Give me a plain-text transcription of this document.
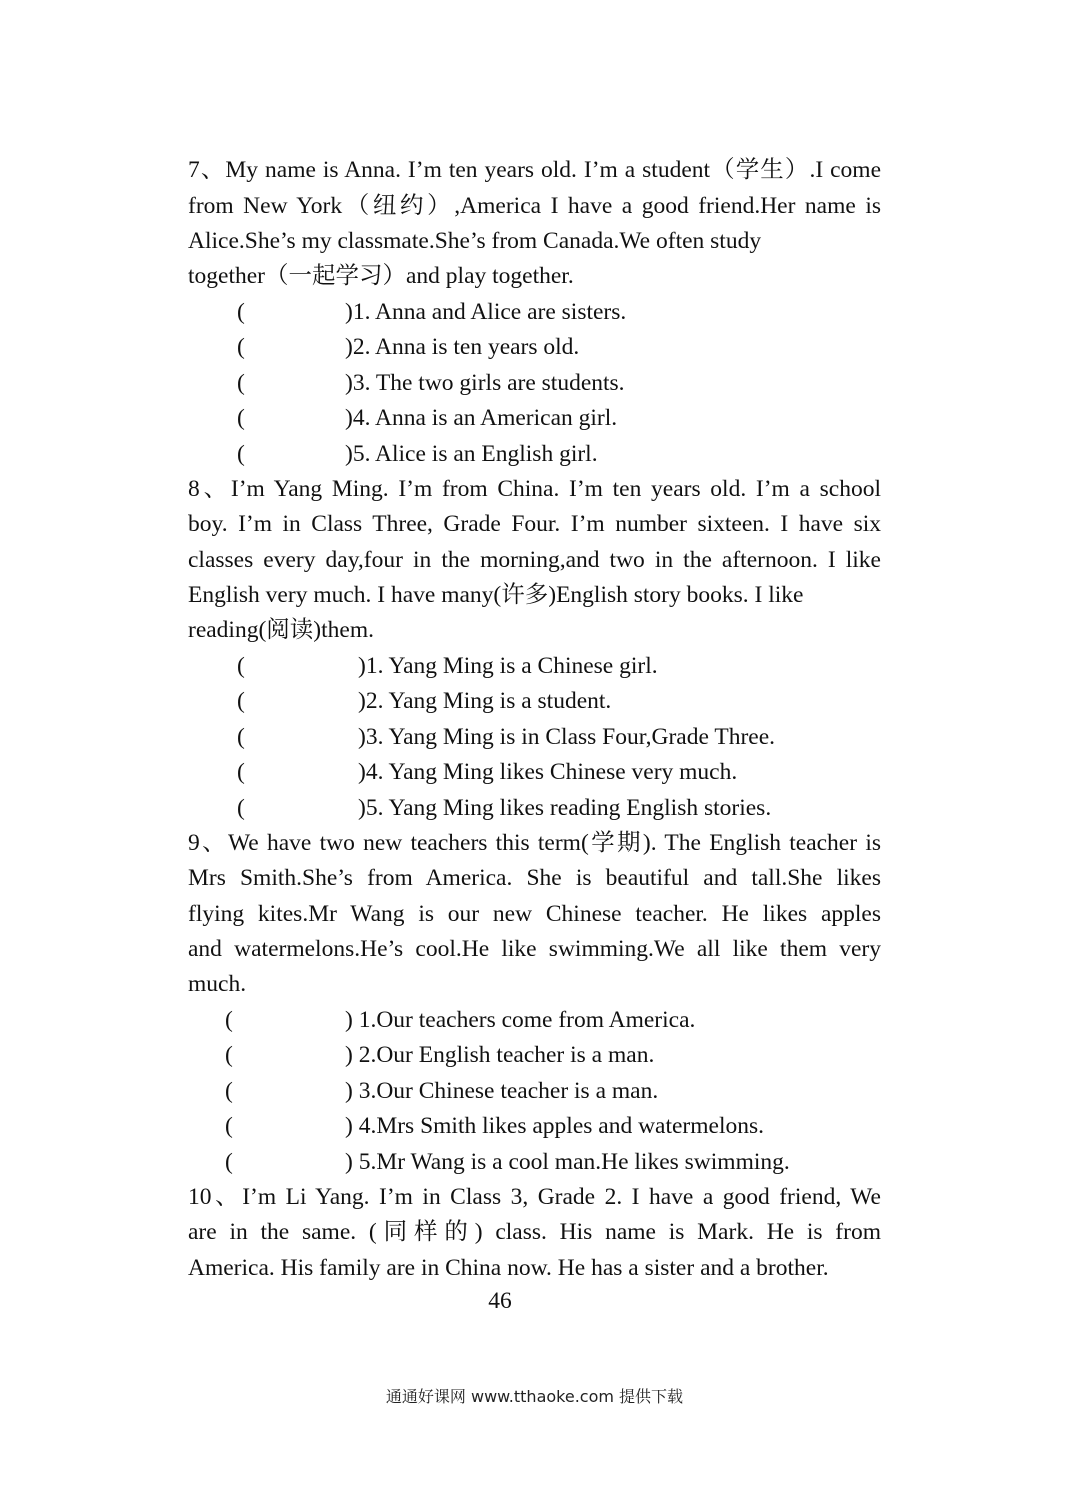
7、My name is Anna. I’m ten years old. I’m a student（学生）.I come
from New York（纽约）,America I have a good friend.Her name is
Alice.She’s my classmate.She’s from Canada.We often study
together（一起学习）and play together.
(	)1. Anna and Alice are sisters.
(	)2. Anna is ten years old.
(	)3. The two girls are students.
(	)4. Anna is an American girl.
(	)5. Alice is an English girl.
8、I’m Yang Ming. I’m from China. I’m ten years old. I’m a school
boy. I’m in Class Three, Grade Four. I’m number sixteen. I have six
classes every day,four in the morning,and two in the afternoon. I like
English very much. I have many(许多)English story books. I like
reading(阅读)them.
(	)1. Yang Ming is a Chinese girl.
(	)2. Yang Ming is a student.
(	)3. Yang Ming is in Class Four,Grade Three.
(	)4. Yang Ming likes Chinese very much.
(	)5. Yang Ming likes reading English stories.
9、We have two new teachers this term(学期). The English teacher is
Mrs Smith.She’s from America. She is beautiful and tall.She likes
flying kites.Mr Wang is our new Chinese teacher. He likes apples
and watermelons.He’s cool.He like swimming.We all like them very
much.
(	) 1.Our teachers come from America.
(	) 2.Our English teacher is a man.
(	) 3.Our Chinese teacher is a man.
(	) 4.Mrs Smith likes apples and watermelons.
(	) 5.Mr Wang is a cool man.He likes swimming.
10、I’m Li Yang. I’m in Class 3, Grade 2. I have a good friend, We
are in the same. (同样的) class. His name is Mark. He is from
America. His family are in China now. He has a sister and a brother.
46
通通好课网 www.tthaoke.com 提供下载
